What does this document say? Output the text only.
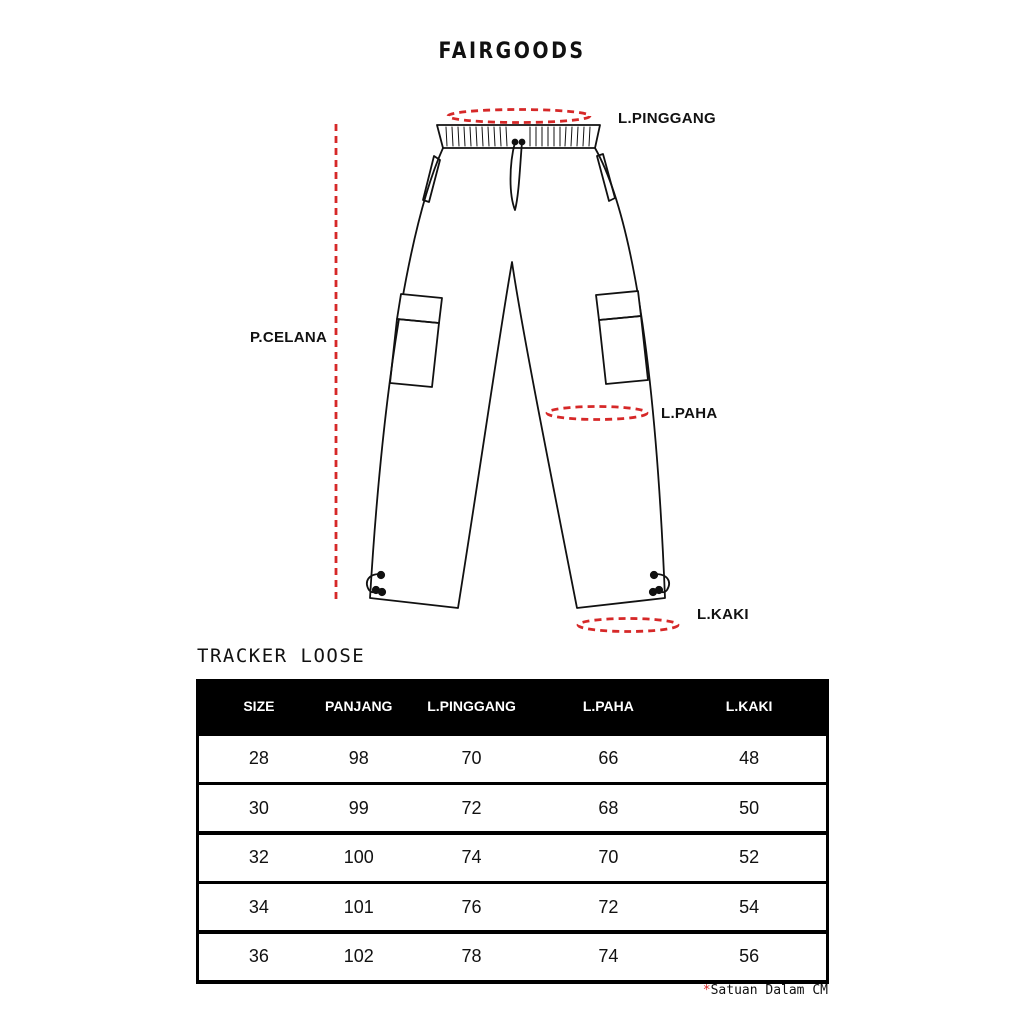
FAIRGOODS
L.PINGGANG
P.CELANA
L.PAHA
L.KAKI
TRACKER LOOSE
SIZE	PANJANG	L.PINGGANG	L.PAHA	L.KAKI
28	98	70	66	48
30	99	72	68	50
32	100	74	70	52
34	101	76	72	54
36	102	78	74	56
*Satuan Dalam CM
